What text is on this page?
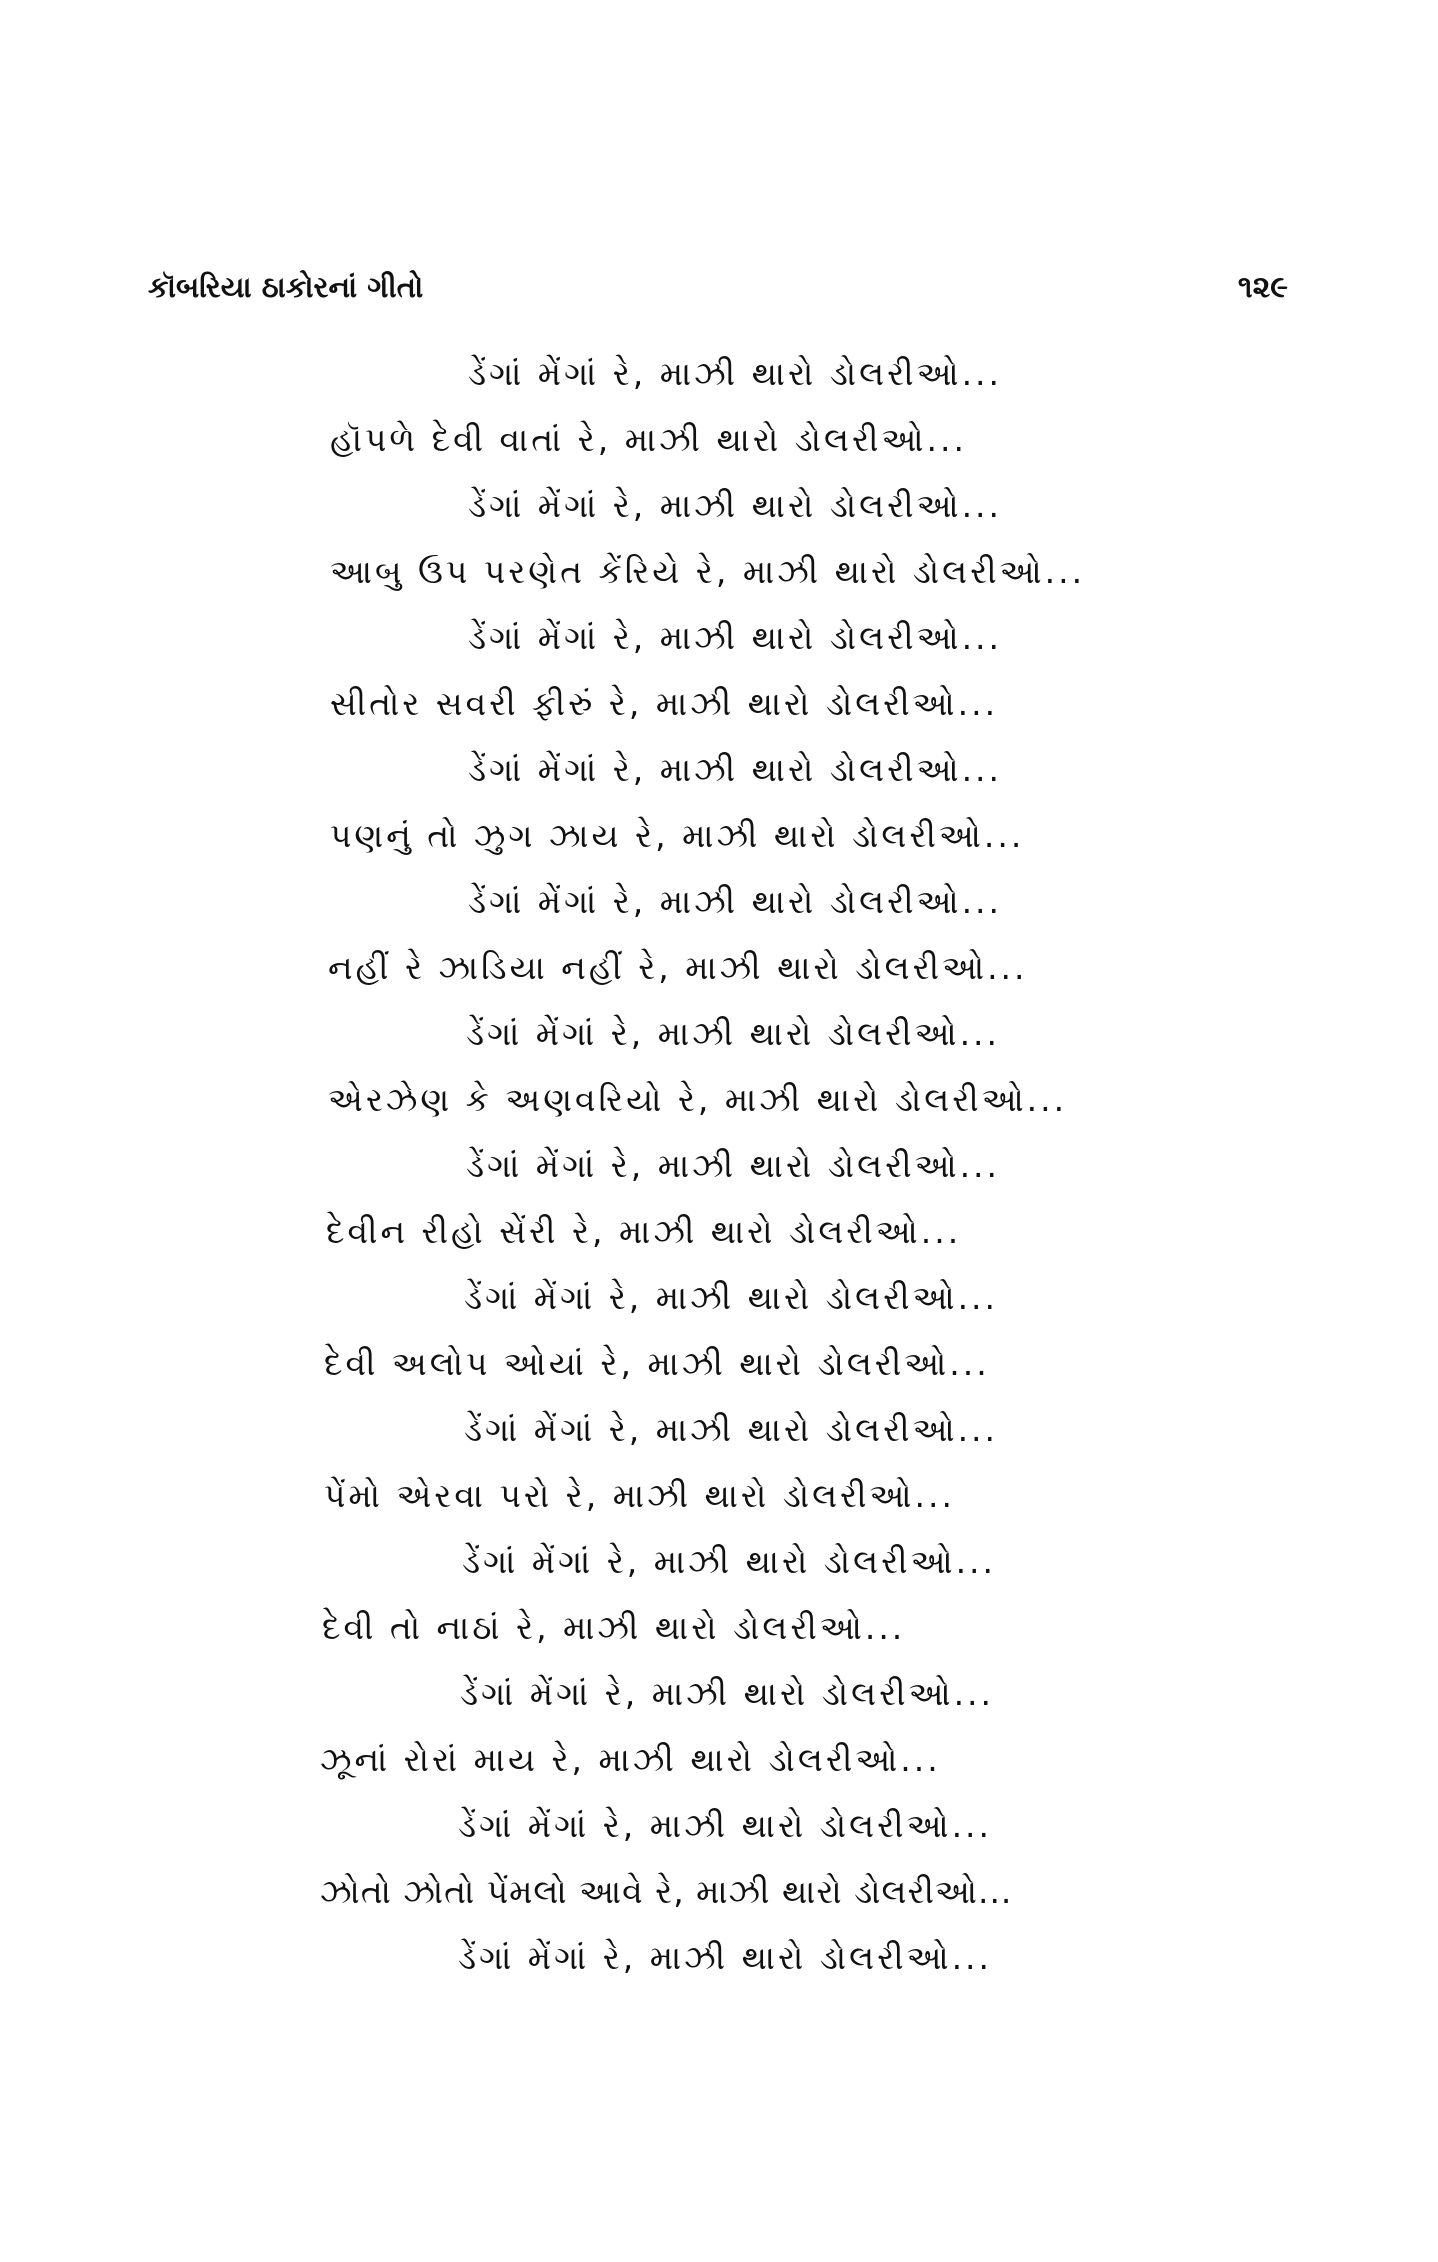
કૉબરિયા ઠાકોરનાં ગીતો	૧૨૯
ડેંગાં મેંગાં રે, માઝી થારો ડોલરીઓ...
હૉપળે દેવી વાતાં રે, માઝી થારો ડોલરીઓ...
ડેંગાં મેંગાં રે, માઝી થારો ડોલરીઓ...
આબુ ઉપ પરણેત કેંરિયે રે, માઝી થારો ડોલરીઓ...
ડેંગાં મેંગાં રે, માઝી થારો ડોલરીઓ...
સીતોર સવરી ફીરું રે, માઝી થારો ડોલરીઓ...
ડેંગાં મેંગાં રે, માઝી થારો ડોલરીઓ...
પણનું તો ઝુગ ઝાય રે, માઝી થારો ડોલરીઓ...
ડેંગાં મેંગાં રે, માઝી થારો ડોલરીઓ...
નહીં રે ઝાડિયા નહીં રે, માઝી થારો ડોલરીઓ...
ડેંગાં મેંગાં રે, માઝી થારો ડોલરીઓ...
એરઝેણ કે અણવરિયો રે, માઝી થારો ડોલરીઓ...
ડેંગાં મેંગાં રે, માઝી થારો ડોલરીઓ...
દેવીન રીહો સેંરી રે, માઝી થારો ડોલરીઓ...
ડેંગાં મેંગાં રે, માઝી થારો ડોલરીઓ...
દેવી અલોપ ઓયાં રે, માઝી થારો ડોલરીઓ...
ડેંગાં મેંગાં રે, માઝી થારો ડોલરીઓ...
પેંમો એરવા પરો રે, માઝી થારો ડોલરીઓ...
ડેંગાં મેંગાં રે, માઝી થારો ડોલરીઓ...
દેવી તો નાઠાં રે, માઝી થારો ડોલરીઓ...
ડેંગાં મેંગાં રે, માઝી થારો ડોલરીઓ...
ઝૂનાં રોરાં માય રે, માઝી થારો ડોલરીઓ...
ડેંગાં મેંગાં રે, માઝી થારો ડોલરીઓ...
ઝોતો ઝોતો પેંમલો આવે રે, માઝી થારો ડોલરીઓ...
ડેંગાં મેંગાં રે, માઝી થારો ડોલરીઓ...
